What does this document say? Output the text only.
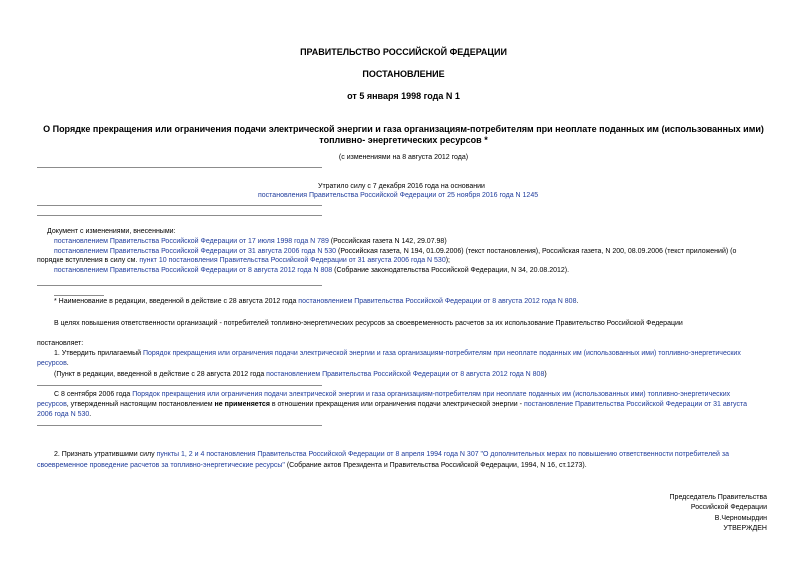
ПРАВИТЕЛЬСТВО РОССИЙСКОЙ ФЕДЕРАЦИИ
ПОСТАНОВЛЕНИЕ
от 5 января 1998 года N 1
О Порядке прекращения или ограничения подачи электрической энергии и газа организациям-потребителям при неоплате поданных им (использованных ими)
топливно- энергетических ресурсов *
(с изменениями на 8 августа 2012 года)
Утратило силу с 7 декабря 2016 года на основании
постановления Правительства Российской Федерации от 25 ноября 2016 года N 1245
Документ с изменениями, внесенными:
постановлением Правительства Российской Федерации от 17 июля 1998 года N 789 (Российская газета N 142, 29.07.98)
постановлением Правительства Российской Федерации от 31 августа 2006 года N 530 (Российская газета, N 194, 01.09.2006) (текст постановления), Российская газета, N 200, 08.09.2006 (текст приложений) (о
порядке вступления в силу см. пункт 10 постановления Правительства Российской Федерации от 31 августа 2006 года N 530);
постановлением Правительства Российской Федерации от 8 августа 2012 года N 808 (Собрание законодательства Российской Федерации, N 34, 20.08.2012).
* Наименование в редакции, введенной в действие с 28 августа 2012 года постановлением Правительства Российской Федерации от 8 августа 2012 года N 808.
В целях повышения ответственности организаций - потребителей топливно-энергетических ресурсов за своевременность расчетов за их использование Правительство Российской Федерации
постановляет:
1. Утвердить прилагаемый Порядок прекращения или ограничения подачи электрической энергии и газа организациям-потребителям при неоплате поданных им (использованных ими) топливно-энергетических
ресурсов.
(Пункт в редакции, введенной в действие с 28 августа 2012 года постановлением Правительства Российской Федерации от 8 августа 2012 года N 808)
С 8 сентября 2006 года Порядок прекращения или ограничения подачи электрической энергии и газа организациям-потребителям при неоплате поданных им (использованных ими) топливно-энергетических
ресурсов, утвержденный настоящим постановлением не применяется в отношении прекращения или ограничения подачи электрической энергии - постановление Правительства Российской Федерации от 31 августа
2006 года N 530.
2. Признать утратившими силу пункты 1, 2 и 4 постановления Правительства Российской Федерации от 8 апреля 1994 года N 307 "О дополнительных мерах по повышению ответственности потребителей за
своевременное проведение расчетов за топливно-энергетические ресурсы" (Собрание актов Президента и Правительства Российской Федерации, 1994, N 16, ст.1273).
Председатель Правительства
Российской Федерации
В.Черномырдин
УТВЕРЖДЕН
